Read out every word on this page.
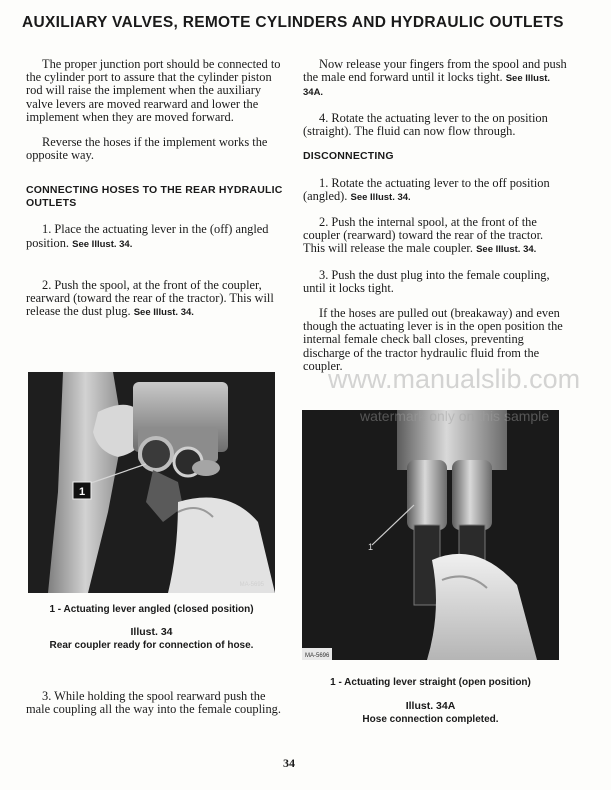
AUXILIARY VALVES, REMOTE CYLINDERS AND HYDRAULIC OUTLETS

The proper junction port should be connected to the cylinder port to assure that the cylinder piston rod will raise the implement when the auxiliary valve levers are moved rearward and lower the implement when they are moved forward.

Reverse the hoses if the implement works the opposite way.

CONNECTING HOSES TO THE REAR HYDRAULIC OUTLETS

1. Place the actuating lever in the (off) angled position. See Illust. 34.

2. Push the spool, at the front of the coupler, rearward (toward the rear of the tractor). This will release the dust plug. See Illust. 34.

1
MA-5695
1 - Actuating lever angled (closed position)
Illust. 34
Rear coupler ready for connection of hose.

3. While holding the spool rearward push the male coupling all the way into the female coupling.

Now release your fingers from the spool and push the male end forward until it locks tight. See Illust. 34A.

4. Rotate the actuating lever to the on position (straight). The fluid can now flow through.

DISCONNECTING

1. Rotate the actuating lever to the off position (angled). See Illust. 34.

2. Push the internal spool, at the front of the coupler (rearward) toward the rear of the tractor. This will release the male coupler. See Illust. 34.

3. Push the dust plug into the female coupling, until it locks tight.

If the hoses are pulled out (breakaway) and even though the actuating lever is in the open position the internal female check ball closes, preventing discharge of the tractor hydraulic fluid from the coupler.

1
MA-5696
1 - Actuating lever straight (open position)
Illust. 34A
Hose connection completed.
34
www.manualslib.com
watermark only on this sample
